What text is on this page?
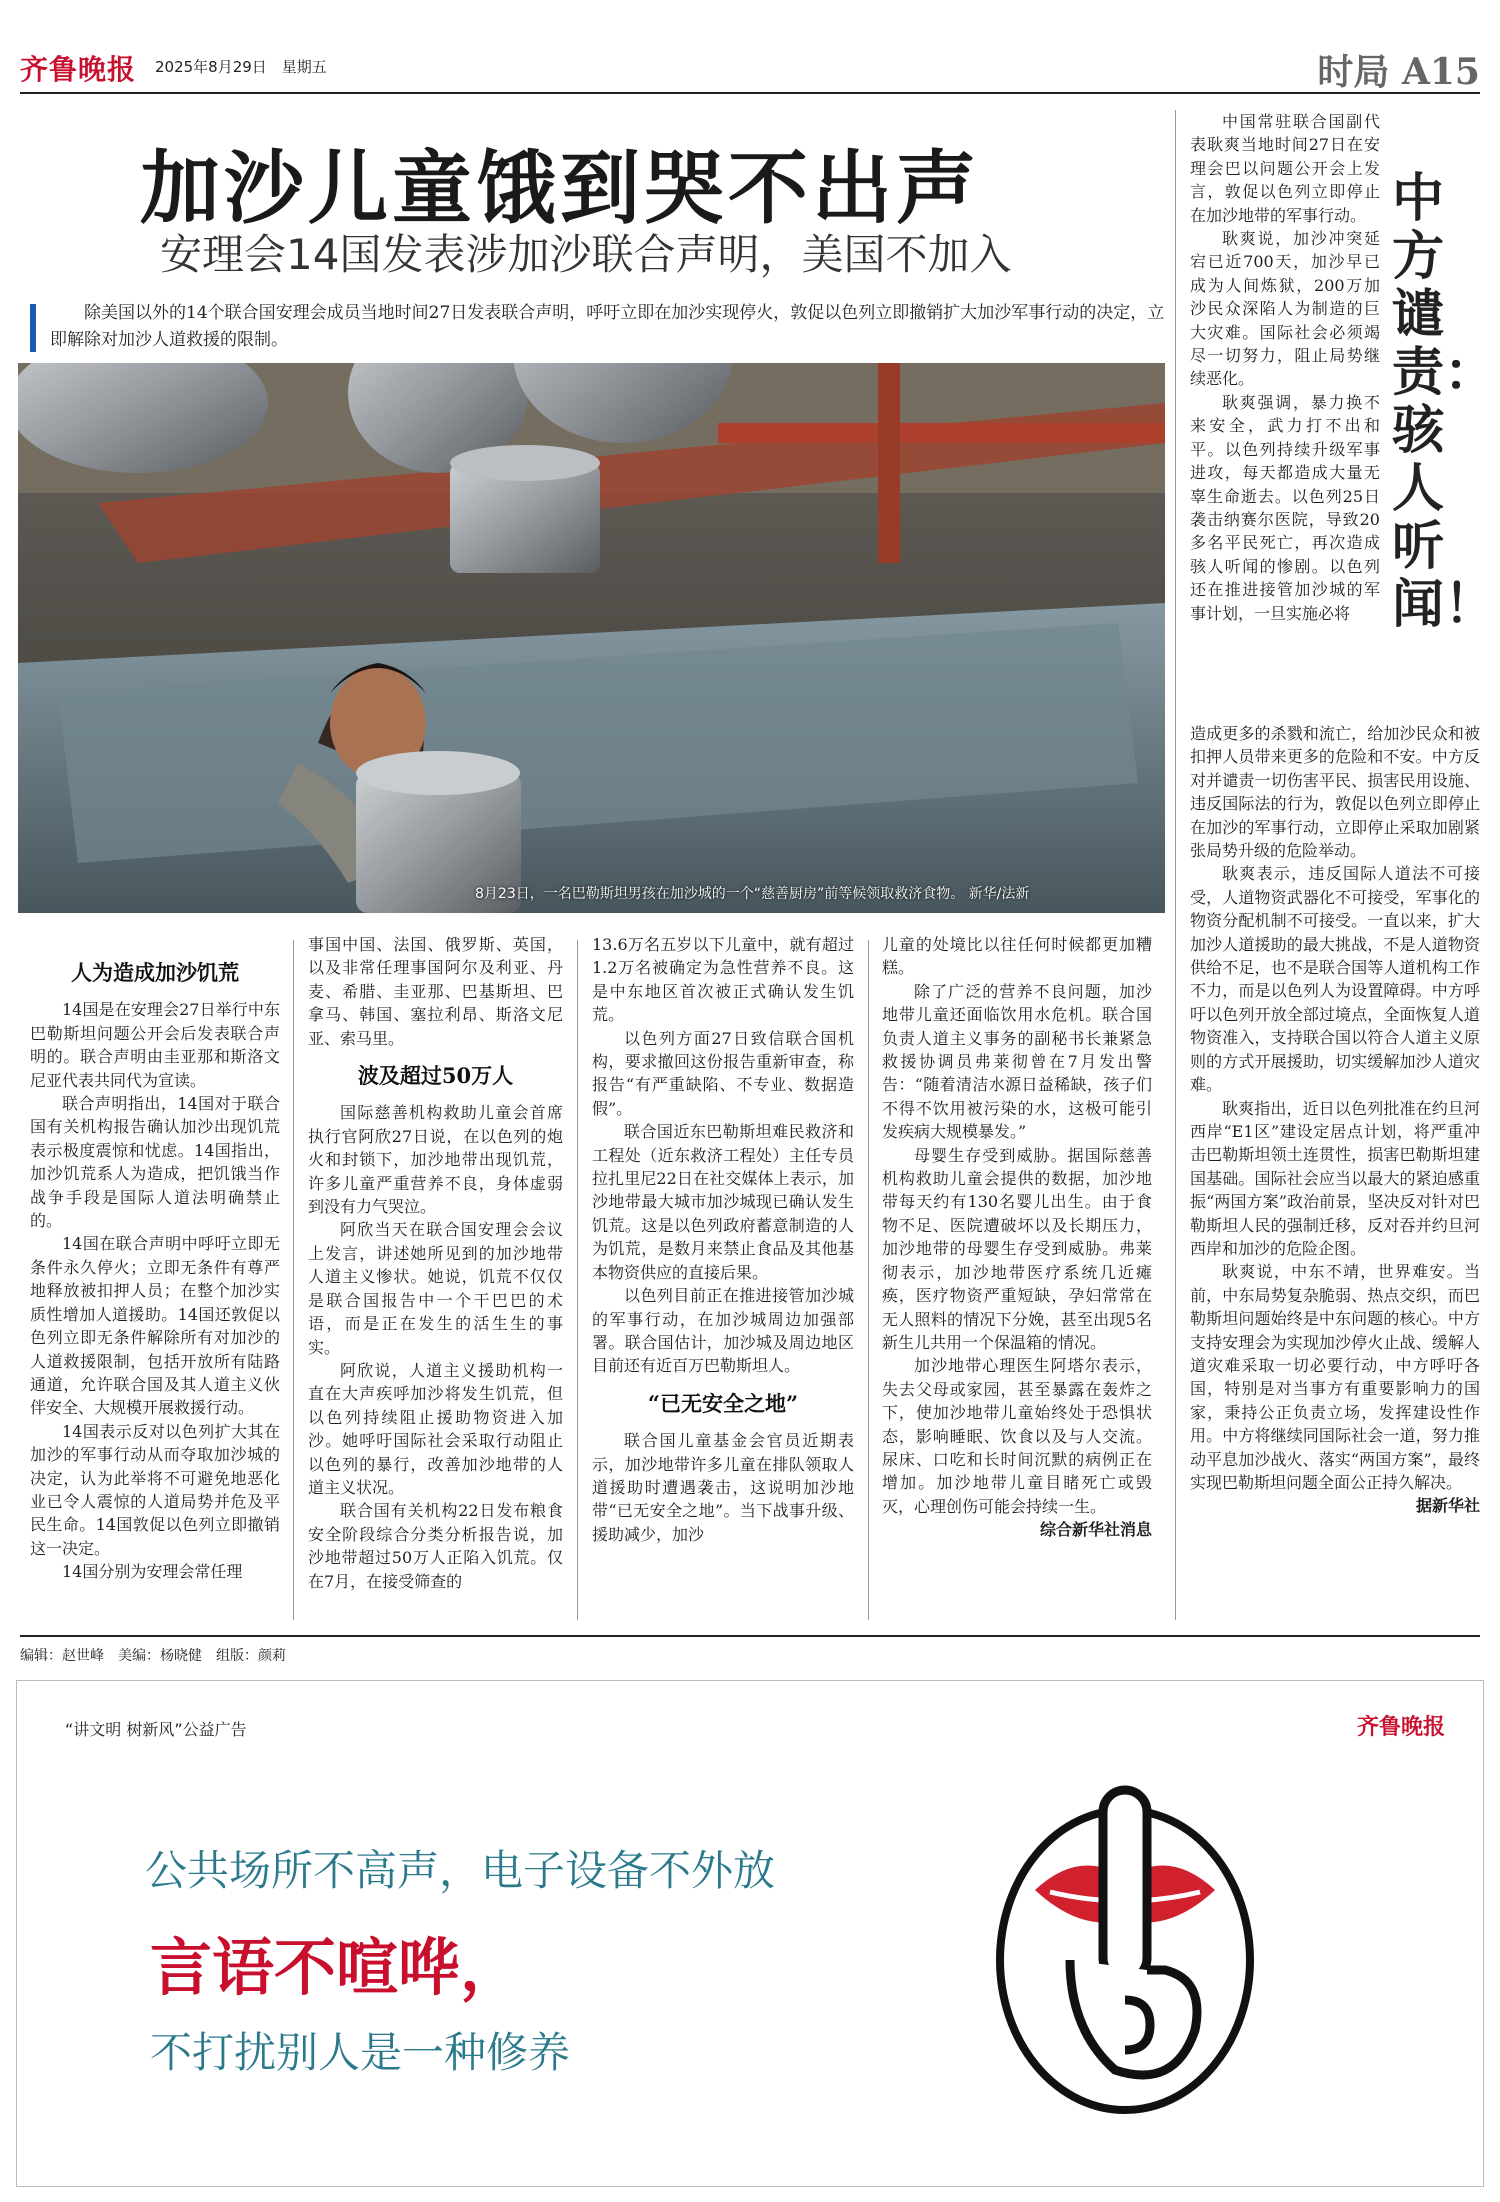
齐鲁晚报 2025年8月29日　星期五	时局 A15
加沙儿童饿到哭不出声
安理会14国发表涉加沙联合声明，美国不加入
除美国以外的14个联合国安理会成员当地时间27日发表联合声明，呼吁立即在加沙实现停火，敦促以色列立即撤销扩大加沙军事行动的决定，立即解除对加沙人道救援的限制。
8月23日，一名巴勒斯坦男孩在加沙城的一个“慈善厨房”前等候领取救济食物。 新华/法新
人为造成加沙饥荒

14国是在安理会27日举行中东巴勒斯坦问题公开会后发表联合声明的。联合声明由圭亚那和斯洛文尼亚代表共同代为宣读。

联合声明指出，14国对于联合国有关机构报告确认加沙出现饥荒表示极度震惊和忧虑。14国指出，加沙饥荒系人为造成，把饥饿当作战争手段是国际人道法明确禁止的。

14国在联合声明中呼吁立即无条件永久停火；立即无条件有尊严地释放被扣押人员；在整个加沙实质性增加人道援助。14国还敦促以色列立即无条件解除所有对加沙的人道救援限制，包括开放所有陆路通道，允许联合国及其人道主义伙伴安全、大规模开展救援行动。

14国表示反对以色列扩大其在加沙的军事行动从而夺取加沙城的决定，认为此举将不可避免地恶化业已令人震惊的人道局势并危及平民生命。14国敦促以色列立即撤销这一决定。

14国分别为安理会常任理

事国中国、法国、俄罗斯、英国，以及非常任理事国阿尔及利亚、丹麦、希腊、圭亚那、巴基斯坦、巴拿马、韩国、塞拉利昂、斯洛文尼亚、索马里。

波及超过50万人

国际慈善机构救助儿童会首席执行官阿欣27日说，在以色列的炮火和封锁下，加沙地带出现饥荒，许多儿童严重营养不良，身体虚弱到没有力气哭泣。

阿欣当天在联合国安理会会议上发言，讲述她所见到的加沙地带人道主义惨状。她说，饥荒不仅仅是联合国报告中一个干巴巴的术语，而是正在发生的活生生的事实。

阿欣说，人道主义援助机构一直在大声疾呼加沙将发生饥荒，但以色列持续阻止援助物资进入加沙。她呼吁国际社会采取行动阻止以色列的暴行，改善加沙地带的人道主义状况。

联合国有关机构22日发布粮食安全阶段综合分类分析报告说，加沙地带超过50万人正陷入饥荒。仅在7月，在接受筛查的

13.6万名五岁以下儿童中，就有超过1.2万名被确定为急性营养不良。这是中东地区首次被正式确认发生饥荒。

以色列方面27日致信联合国机构，要求撤回这份报告重新审查，称报告“有严重缺陷、不专业、数据造假”。

联合国近东巴勒斯坦难民救济和工程处（近东救济工程处）主任专员拉扎里尼22日在社交媒体上表示，加沙地带最大城市加沙城现已确认发生饥荒。这是以色列政府蓄意制造的人为饥荒，是数月来禁止食品及其他基本物资供应的直接后果。

以色列目前正在推进接管加沙城的军事行动，在加沙城周边加强部署。联合国估计，加沙城及周边地区目前还有近百万巴勒斯坦人。

“已无安全之地”

联合国儿童基金会官员近期表示，加沙地带许多儿童在排队领取人道援助时遭遇袭击，这说明加沙地带“已无安全之地”。当下战事升级、援助减少，加沙

儿童的处境比以往任何时候都更加糟糕。

除了广泛的营养不良问题，加沙地带儿童还面临饮用水危机。联合国负责人道主义事务的副秘书长兼紧急救援协调员弗莱彻曾在7月发出警告：“随着清洁水源日益稀缺，孩子们不得不饮用被污染的水，这极可能引发疾病大规模暴发。”

母婴生存受到威胁。据国际慈善机构救助儿童会提供的数据，加沙地带每天约有130名婴儿出生。由于食物不足、医院遭破坏以及长期压力，加沙地带的母婴生存受到威胁。弗莱彻表示，加沙地带医疗系统几近瘫痪，医疗物资严重短缺，孕妇常常在无人照料的情况下分娩，甚至出现5名新生儿共用一个保温箱的情况。

加沙地带心理医生阿塔尔表示，失去父母或家园，甚至暴露在轰炸之下，使加沙地带儿童始终处于恐惧状态，影响睡眠、饮食以及与人交流。尿床、口吃和长时间沉默的病例正在增加。加沙地带儿童目睹死亡或毁灭，心理创伤可能会持续一生。

综合新华社消息

中国常驻联合国副代表耿爽当地时间27日在安理会巴以问题公开会上发言，敦促以色列立即停止在加沙地带的军事行动。

耿爽说，加沙冲突延宕已近700天，加沙早已成为人间炼狱，200万加沙民众深陷人为制造的巨大灾难。国际社会必须竭尽一切努力，阻止局势继续恶化。

耿爽强调，暴力换不来安全，武力打不出和平。以色列持续升级军事进攻，每天都造成大量无辜生命逝去。以色列25日袭击纳赛尔医院，导致20多名平民死亡，再次造成骇人听闻的惨剧。以色列还在推进接管加沙城的军事计划，一旦实施必将

中方谴责：骇人听闻！

造成更多的杀戮和流亡，给加沙民众和被扣押人员带来更多的危险和不安。中方反对并谴责一切伤害平民、损害民用设施、违反国际法的行为，敦促以色列立即停止在加沙的军事行动，立即停止采取加剧紧张局势升级的危险举动。

耿爽表示，违反国际人道法不可接受，人道物资武器化不可接受，军事化的物资分配机制不可接受。一直以来，扩大加沙人道援助的最大挑战，不是人道物资供给不足，也不是联合国等人道机构工作不力，而是以色列人为设置障碍。中方呼吁以色列开放全部过境点，全面恢复人道物资准入，支持联合国以符合人道主义原则的方式开展援助，切实缓解加沙人道灾难。

耿爽指出，近日以色列批准在约旦河西岸“E1区”建设定居点计划，将严重冲击巴勒斯坦领土连贯性，损害巴勒斯坦建国基础。国际社会应当以最大的紧迫感重振“两国方案”政治前景，坚决反对针对巴勒斯坦人民的强制迁移，反对吞并约旦河西岸和加沙的危险企图。

耿爽说，中东不靖，世界难安。当前，中东局势复杂脆弱、热点交织，而巴勒斯坦问题始终是中东问题的核心。中方支持安理会为实现加沙停火止战、缓解人道灾难采取一切必要行动，中方呼吁各国，特别是对当事方有重要影响力的国家，秉持公正负责立场，发挥建设性作用。中方将继续同国际社会一道，努力推动平息加沙战火、落实“两国方案”，最终实现巴勒斯坦问题全面公正持久解决。

据新华社

编辑：赵世峰　美编：杨晓健　组版：颜莉
“讲文明 树新风”公益广告	齐鲁晚报
公共场所不高声，电子设备不外放
言语不喧哗，
不打扰别人是一种修养
